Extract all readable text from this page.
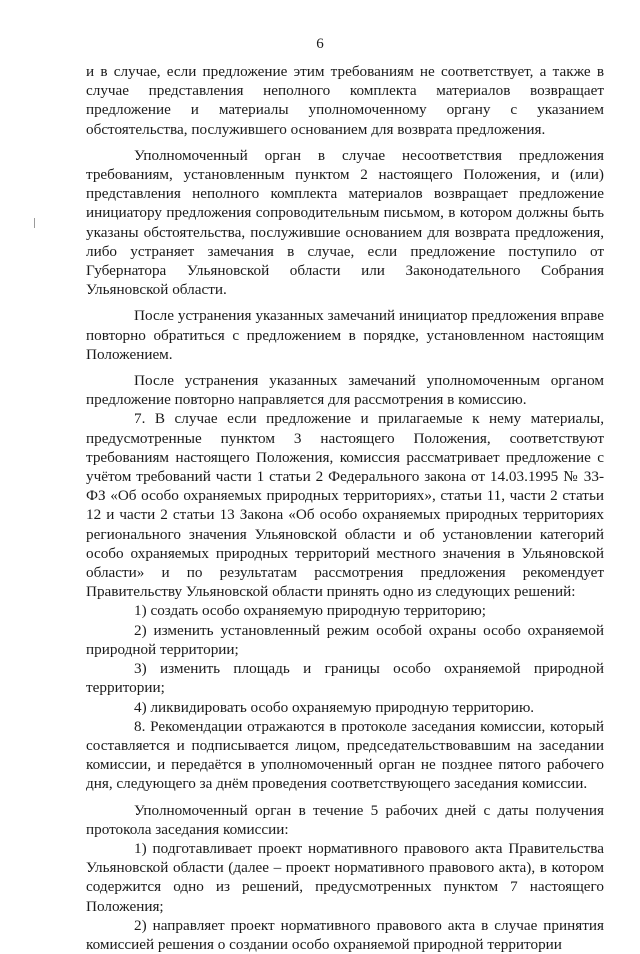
6

и в случае, если предложение этим требованиям не соответствует, а также в случае представления неполного комплекта материалов возвращает предложение и материалы уполномоченному органу с указанием обстоятельства, послужившего основанием для возврата предложения.

Уполномоченный орган в случае несоответствия предложения требованиям, установленным пунктом 2 настоящего Положения, и (или) представления неполного комплекта материалов возвращает предложение инициатору предложения сопроводительным письмом, в котором должны быть указаны обстоятельства, послужившие основанием для возврата предложения, либо устраняет замечания в случае, если предложение поступило от Губернатора Ульяновской области или Законодательного Собрания Ульяновской области.

После устранения указанных замечаний инициатор предложения вправе повторно обратиться с предложением в порядке, установленном настоящим Положением.

После устранения указанных замечаний уполномоченным органом предложение повторно направляется для рассмотрения в комиссию.

7. В случае если предложение и прилагаемые к нему материалы, предусмотренные пунктом 3 настоящего Положения, соответствуют требованиям настоящего Положения, комиссия рассматривает предложение с учётом требований части 1 статьи 2 Федерального закона от 14.03.1995 № 33-ФЗ «Об особо охраняемых природных территориях», статьи 11, части 2 статьи 12 и части 2 статьи 13 Закона «Об особо охраняемых природных территориях регионального значения Ульяновской области и об установлении категорий особо охраняемых природных территорий местного значения в Ульяновской области» и по результатам рассмотрения предложения рекомендует Правительству Ульяновской области принять одно из следующих решений:

1) создать особо охраняемую природную территорию;

2) изменить установленный режим особой охраны особо охраняемой природной территории;

3) изменить площадь и границы особо охраняемой природной территории;

4) ликвидировать особо охраняемую природную территорию.

8. Рекомендации отражаются в протоколе заседания комиссии, который составляется и подписывается лицом, председательствовавшим на заседании комиссии, и передаётся в уполномоченный орган не позднее пятого рабочего дня, следующего за днём проведения соответствующего заседания комиссии.

Уполномоченный орган в течение 5 рабочих дней с даты получения протокола заседания комиссии:

1) подготавливает проект нормативного правового акта Правительства Ульяновской области (далее – проект нормативного правового акта), в котором содержится одно из решений, предусмотренных пунктом 7 настоящего Положения;

2) направляет проект нормативного правового акта в случае принятия комиссией решения о создании особо охраняемой природной территории
